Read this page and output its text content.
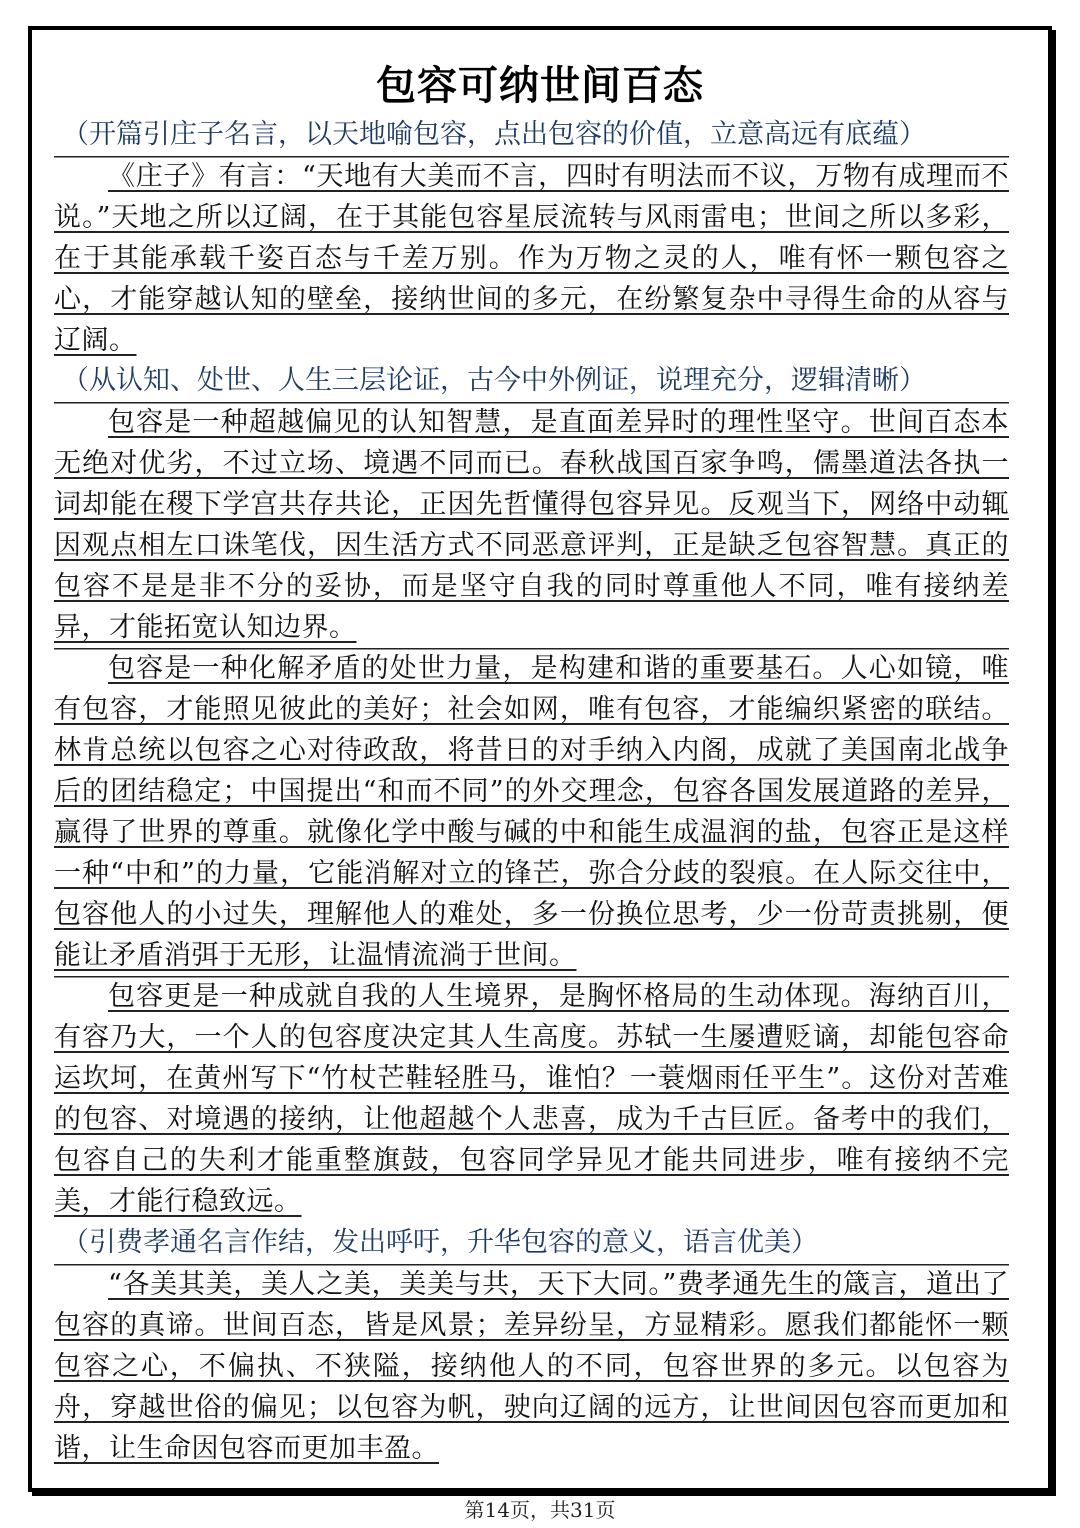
包容可纳世间百态

（开篇引庄子名言，以天地喻包容，点出包容的价值，立意高远有底蕴）

《庄子》有言：“天地有大美而不言，四时有明法而不议，万物有成理而不说。”天地之所以辽阔，在于其能包容星辰流转与风雨雷电；世间之所以多彩，在于其能承载千姿百态与千差万别。作为万物之灵的人，唯有怀一颗包容之心，才能穿越认知的壁垒，接纳世间的多元，在纷繁复杂中寻得生命的从容与辽阔。

（从认知、处世、人生三层论证，古今中外例证，说理充分，逻辑清晰）

包容是一种超越偏见的认知智慧，是直面差异时的理性坚守。世间百态本无绝对优劣，不过立场、境遇不同而已。春秋战国百家争鸣，儒墨道法各执一词却能在稷下学宫共存共论，正因先哲懂得包容异见。反观当下，网络中动辄因观点相左口诛笔伐，因生活方式不同恶意评判，正是缺乏包容智慧。真正的包容不是是非不分的妥协，而是坚守自我的同时尊重他人不同，唯有接纳差异，才能拓宽认知边界。

包容是一种化解矛盾的处世力量，是构建和谐的重要基石。人心如镜，唯有包容，才能照见彼此的美好；社会如网，唯有包容，才能编织紧密的联结。林肯总统以包容之心对待政敌，将昔日的对手纳入内阁，成就了美国南北战争后的团结稳定；中国提出“和而不同”的外交理念，包容各国发展道路的差异，赢得了世界的尊重。就像化学中酸与碱的中和能生成温润的盐，包容正是这样一种“中和”的力量，它能消解对立的锋芒，弥合分歧的裂痕。在人际交往中，包容他人的小过失，理解他人的难处，多一份换位思考，少一份苛责挑剔，便能让矛盾消弭于无形，让温情流淌于世间。

包容更是一种成就自我的人生境界，是胸怀格局的生动体现。海纳百川，有容乃大，一个人的包容度决定其人生高度。苏轼一生屡遭贬谪，却能包容命运坎坷，在黄州写下“竹杖芒鞋轻胜马，谁怕？一蓑烟雨任平生”。这份对苦难的包容、对境遇的接纳，让他超越个人悲喜，成为千古巨匠。备考中的我们，包容自己的失利才能重整旗鼓，包容同学异见才能共同进步，唯有接纳不完美，才能行稳致远。

（引费孝通名言作结，发出呼吁，升华包容的意义，语言优美）

“各美其美，美人之美，美美与共，天下大同。”费孝通先生的箴言，道出了包容的真谛。世间百态，皆是风景；差异纷呈，方显精彩。愿我们都能怀一颗包容之心，不偏执、不狭隘，接纳他人的不同，包容世界的多元。以包容为舟，穿越世俗的偏见；以包容为帆，驶向辽阔的远方，让世间因包容而更加和谐，让生命因包容而更加丰盈。

第14页，共31页
